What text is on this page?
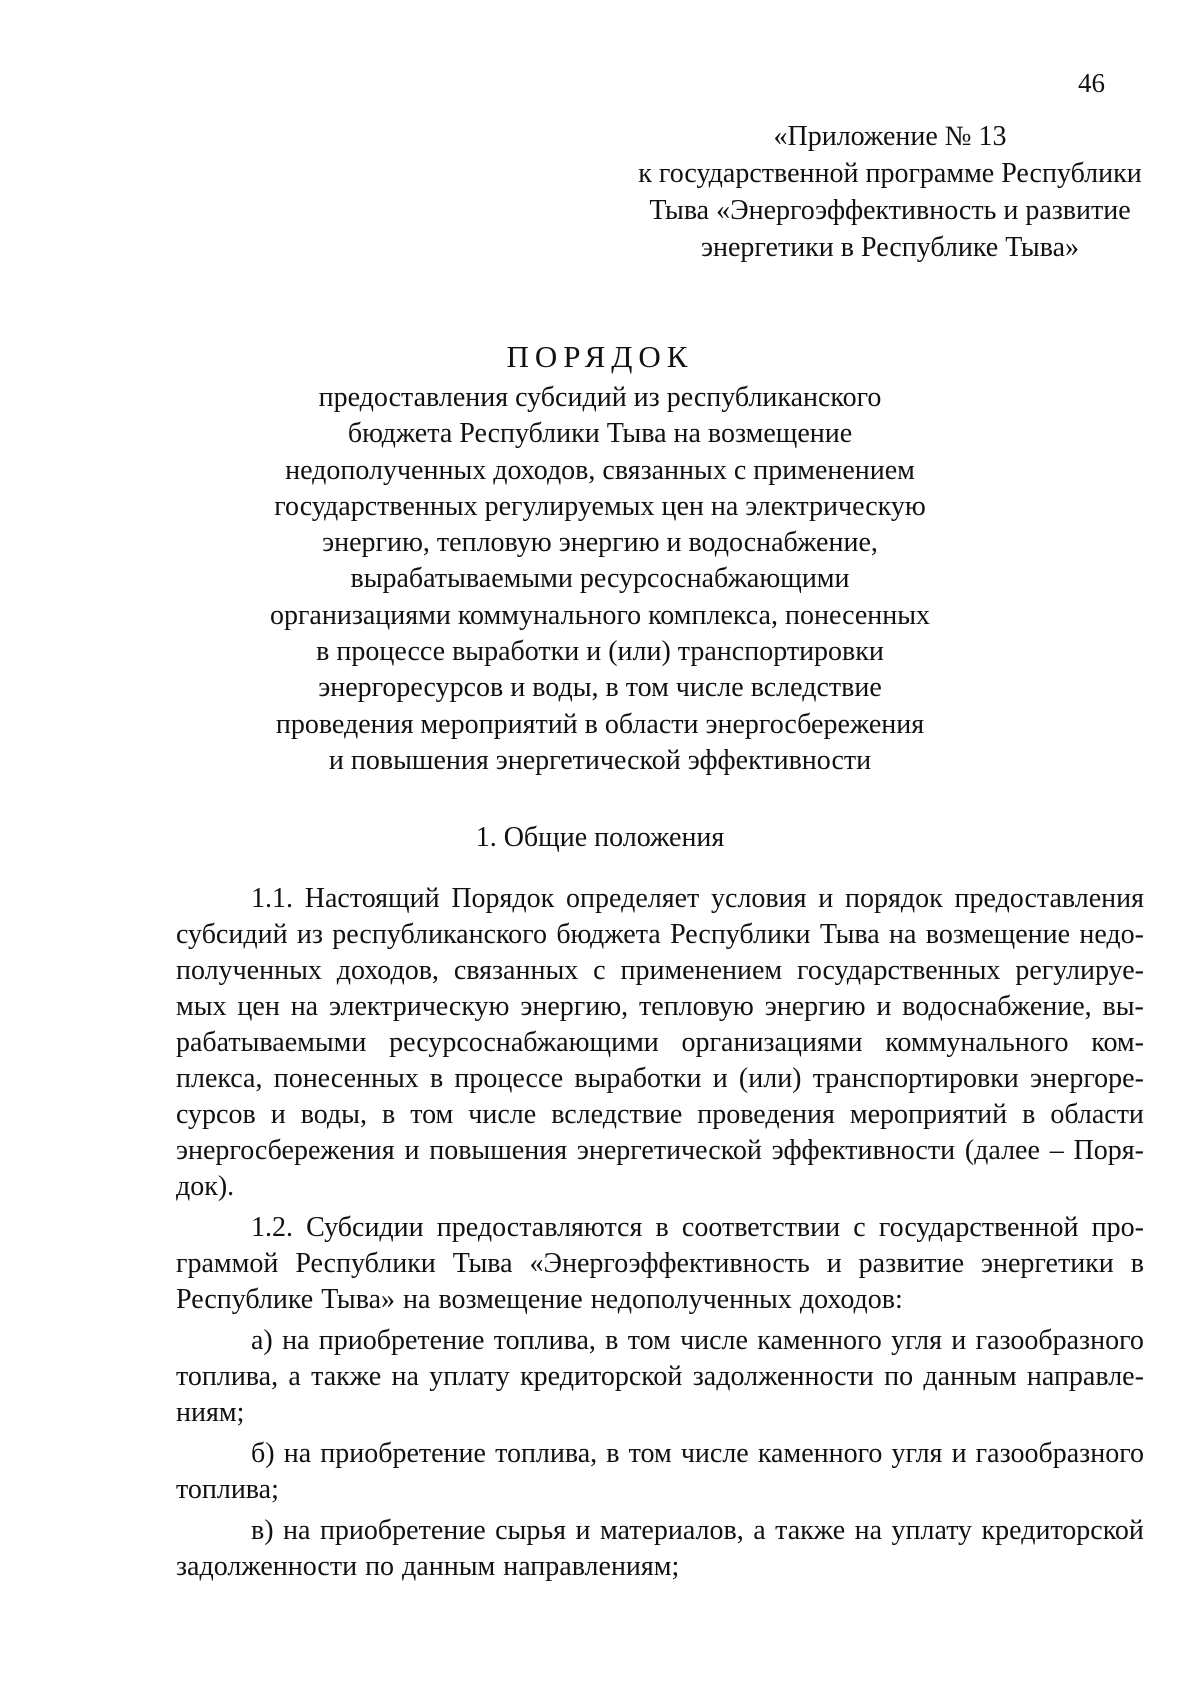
46
«Приложение № 13
к государственной программе Республики
Тыва «Энергоэффективность и развитие
энергетики в Республике Тыва»
ПОРЯДОК
предоставления субсидий из республиканского
бюджета Республики Тыва на возмещение
недополученных доходов, связанных с применением
государственных регулируемых цен на электрическую
энергию, тепловую энергию и водоснабжение,
вырабатываемыми ресурсоснабжающими
организациями коммунального комплекса, понесенных
в процессе выработки и (или) транспортировки
энергоресурсов и воды, в том числе вследствие
проведения мероприятий в области энергосбережения
и повышения энергетической эффективности
1. Общие положения
1.1. Настоящий Порядок определяет условия и порядок предоставления
субсидий из республиканского бюджета Республики Тыва на возмещение недо-
полученных доходов, связанных с применением государственных регулируе-
мых цен на электрическую энергию, тепловую энергию и водоснабжение, вы-
рабатываемыми ресурсоснабжающими организациями коммунального ком-
плекса, понесенных в процессе выработки и (или) транспортировки энергоре-
сурсов и воды, в том числе вследствие проведения мероприятий в области
энергосбережения и повышения энергетической эффективности (далее – Поря-
док).
1.2. Субсидии предоставляются в соответствии с государственной про-
граммой Республики Тыва «Энергоэффективность и развитие энергетики в
Республике Тыва» на возмещение недополученных доходов:
а) на приобретение топлива, в том числе каменного угля и газообразного
топлива, а также на уплату кредиторской задолженности по данным направле-
ниям;
б) на приобретение топлива, в том числе каменного угля и газообразного
топлива;
в) на приобретение сырья и материалов, а также на уплату кредиторской
задолженности по данным направлениям;
